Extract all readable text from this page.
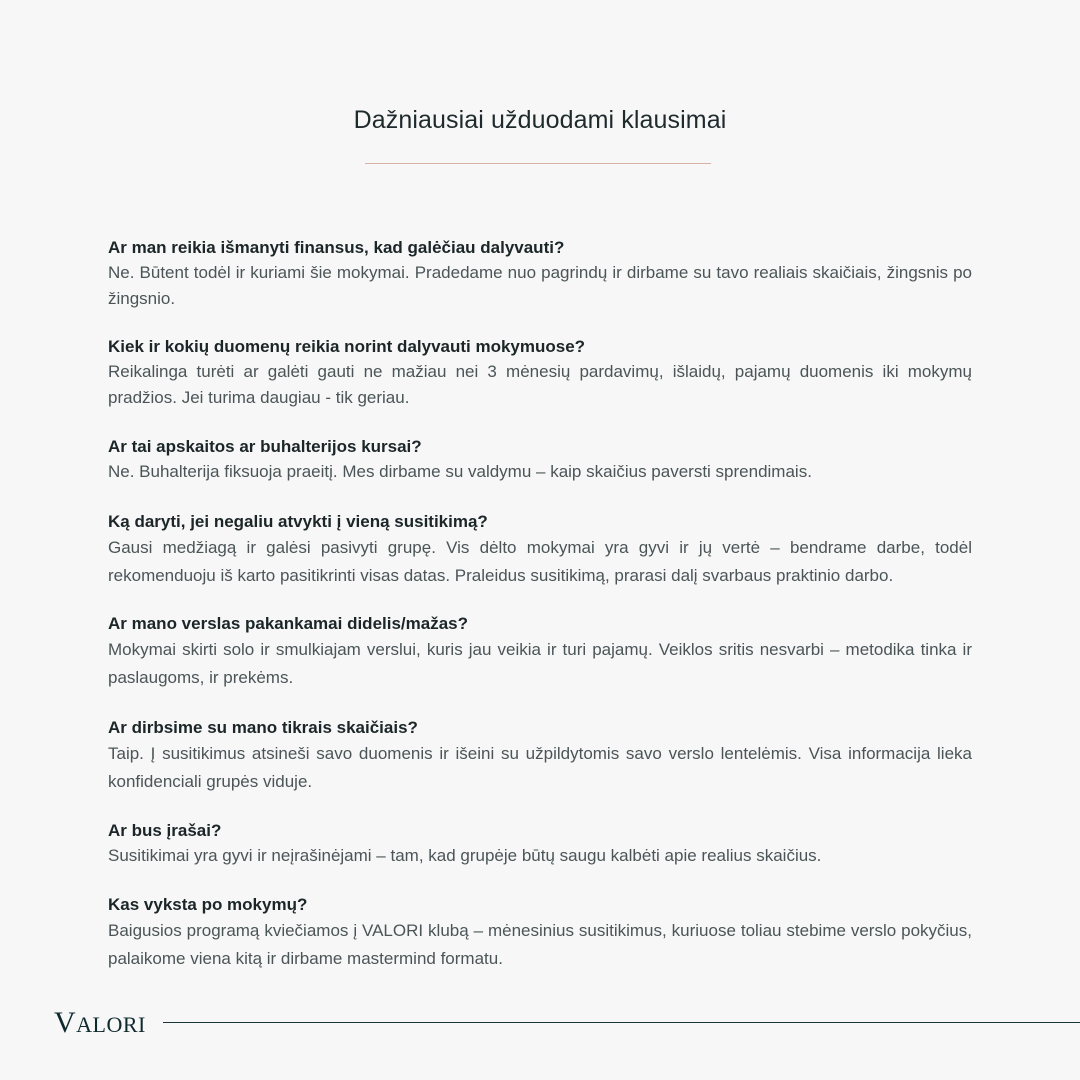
Dažniausiai užduodami klausimai

Ar man reikia išmanyti finansus, kad galėčiau dalyvauti?

Ne. Būtent todėl ir kuriami šie mokymai. Pradedame nuo pagrindų ir dirbame su tavo realiais skaičiais, žingsnis po žingsnio.

Kiek ir kokių duomenų reikia norint dalyvauti mokymuose?

Reikalinga turėti ar galėti gauti ne mažiau nei 3 mėnesių pardavimų, išlaidų, pajamų duomenis iki mokymų pradžios. Jei turima daugiau - tik geriau.

Ar tai apskaitos ar buhalterijos kursai?

Ne. Buhalterija fiksuoja praeitį. Mes dirbame su valdymu – kaip skaičius paversti sprendimais.

Ką daryti, jei negaliu atvykti į vieną susitikimą?

Gausi medžiagą ir galėsi pasivyti grupę. Vis dėlto mokymai yra gyvi ir jų vertė – bendrame darbe, todėl rekomenduoju iš karto pasitikrinti visas datas. Praleidus susitikimą, prarasi dalį svarbaus praktinio darbo.

Ar mano verslas pakankamai didelis/mažas?

Mokymai skirti solo ir smulkiajam verslui, kuris jau veikia ir turi pajamų. Veiklos sritis nesvarbi – metodika tinka ir paslaugoms, ir prekėms.

Ar dirbsime su mano tikrais skaičiais?

Taip. Į susitikimus atsineši savo duomenis ir išeini su užpildytomis savo verslo lentelėmis. Visa informacija lieka konfidenciali grupės viduje.

Ar bus įrašai?

Susitikimai yra gyvi ir neįrašinėjami – tam, kad grupėje būtų saugu kalbėti apie realius skaičius.

Kas vyksta po mokymų?

Baigusios programą kviečiamos į VALORI klubą – mėnesinius susitikimus, kuriuose toliau stebime verslo pokyčius, palaikome viena kitą ir dirbame mastermind formatu.

VALORI
